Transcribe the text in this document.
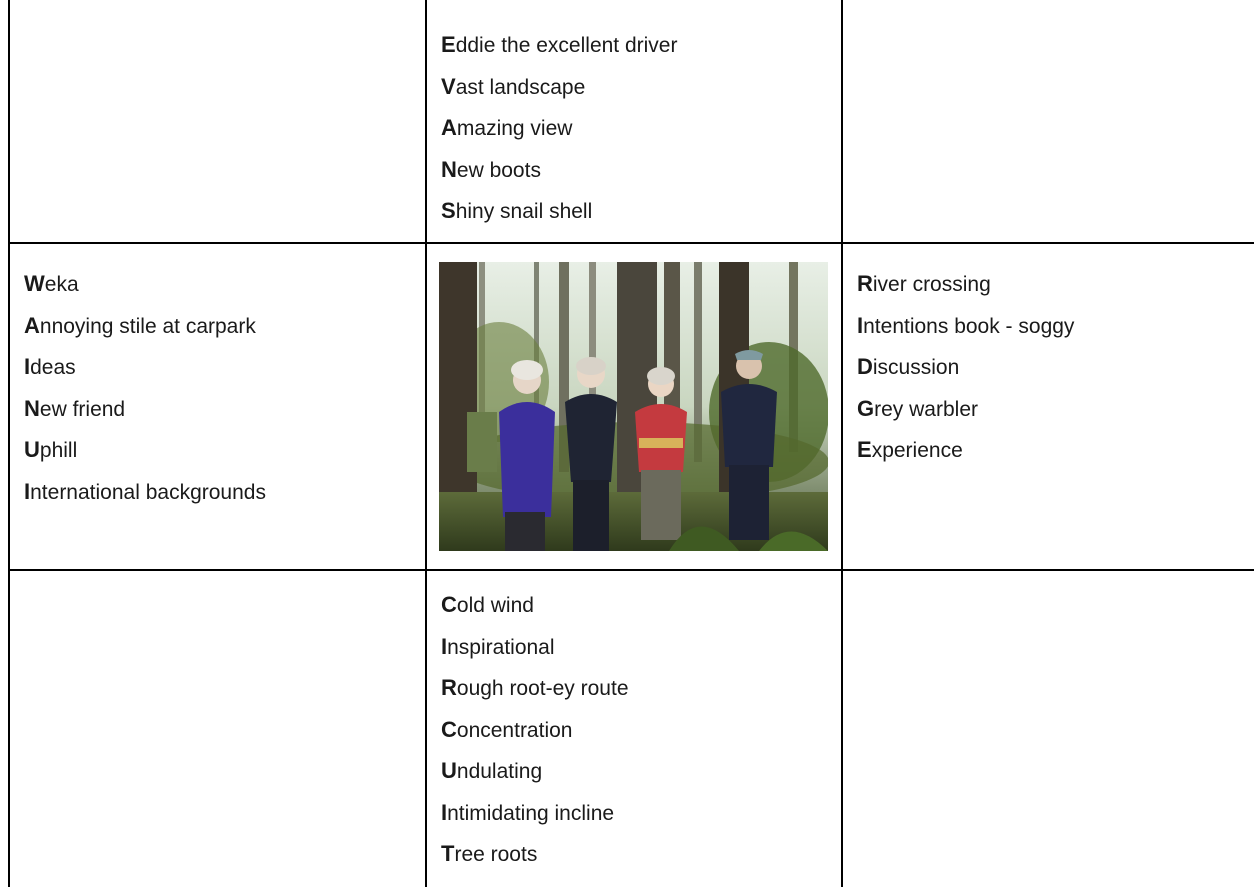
Eddie the excellent driver
Vast landscape
Amazing view
New boots
Shiny snail shell
Weka
Annoying stile at carpark
Ideas
New friend
Uphill
International backgrounds
River crossing
Intentions book - soggy
Discussion
Grey warbler
Experience
Cold wind
Inspirational
Rough root-ey route
Concentration
Undulating
Intimidating incline
Tree roots
